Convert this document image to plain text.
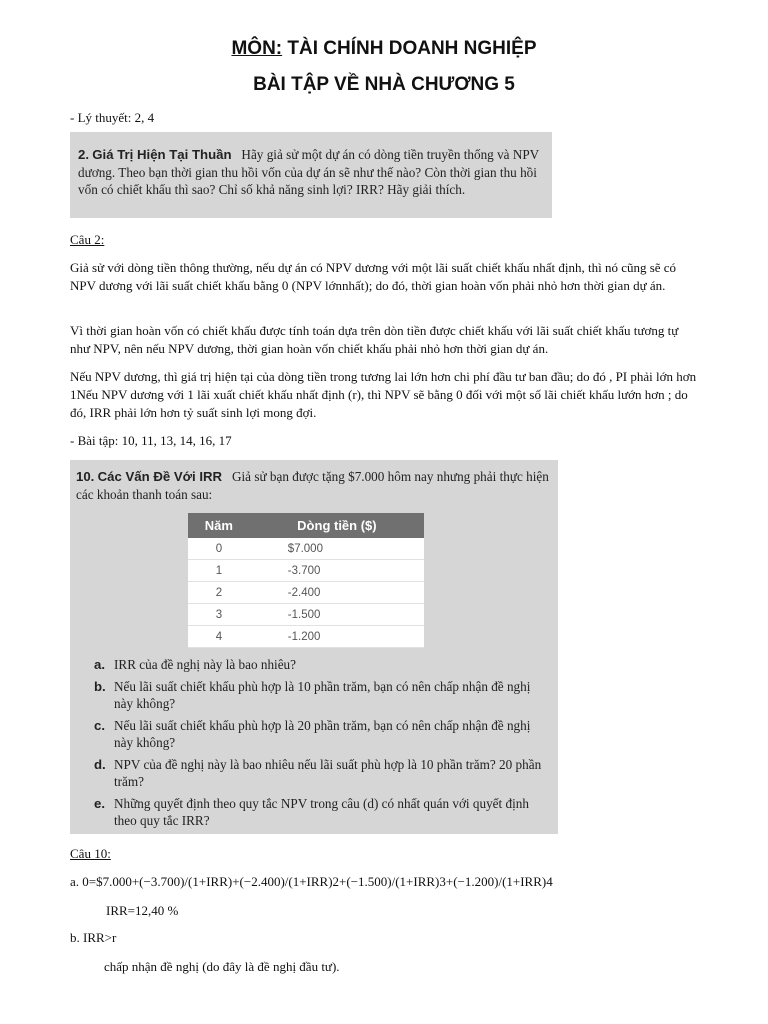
MÔN: TÀI CHÍNH DOANH NGHIỆP
BÀI TẬP VỀ NHÀ CHƯƠNG 5
- Lý thuyết: 2, 4
2. Giá Trị Hiện Tại Thuần Hãy giả sử một dự án có dòng tiền truyền thống và NPV dương. Theo bạn thời gian thu hồi vốn của dự án sẽ như thế nào? Còn thời gian thu hồi vốn có chiết khấu thì sao? Chỉ số khả năng sinh lợi? IRR? Hãy giải thích.
Câu 2:
Giả sử với dòng tiền thông thường, nếu dự án có NPV dương với một lãi suất chiết khấu nhất định, thì nó cũng sẽ có NPV dương với lãi suất chiết khấu bằng 0 (NPV lớnnhất); do đó, thời gian hoàn vốn phải nhỏ hơn thời gian dự án.
Vì thời gian hoàn vốn có chiết khấu được tính toán dựa trên dòn tiền được chiết khấu với lãi suất chiết khấu tương tự như NPV, nên nếu NPV dương, thời gian hoàn vốn chiết khấu phải nhỏ hơn thời gian dự án.
Nếu NPV dương, thì giá trị hiện tại của dòng tiền trong tương lai lớn hơn chi phí đầu tư ban đầu; do đó , PI phải lớn hơn 1Nếu NPV dương với 1 lãi xuất chiết khấu nhất định (r), thì NPV sẽ bằng 0 đối với một số lãi chiết khấu lướn hơn ; do đó, IRR phải lớn hơn tỷ suất sinh lợi mong đợi.
- Bài tập: 10, 11, 13, 14, 16, 17
10. Các Vấn Đề Với IRR Giả sử bạn được tặng $7.000 hôm nay nhưng phải thực hiện các khoản thanh toán sau:
Năm	Dòng tiền ($)
0	$7.000
1	-3.700
2	-2.400
3	-1.500
4	-1.200
a. IRR của đề nghị này là bao nhiêu?
b. Nếu lãi suất chiết khấu phù hợp là 10 phần trăm, bạn có nên chấp nhận đề nghị này không?
c. Nếu lãi suất chiết khấu phù hợp là 20 phần trăm, bạn có nên chấp nhận đề nghị này không?
d. NPV của đề nghị này là bao nhiêu nếu lãi suất phù hợp là 10 phần trăm? 20 phần trăm?
e. Những quyết định theo quy tắc NPV trong câu (d) có nhất quán với quyết định theo quy tắc IRR?
Câu 10:
a. 0=$7.000+(−3.700)/(1+IRR)+(−2.400)/(1+IRR)2+(−1.500)/(1+IRR)3+(−1.200)/(1+IRR)4
IRR=12,40 %
b. IRR>r
chấp nhận đề nghị (do đây là đề nghị đầu tư).
